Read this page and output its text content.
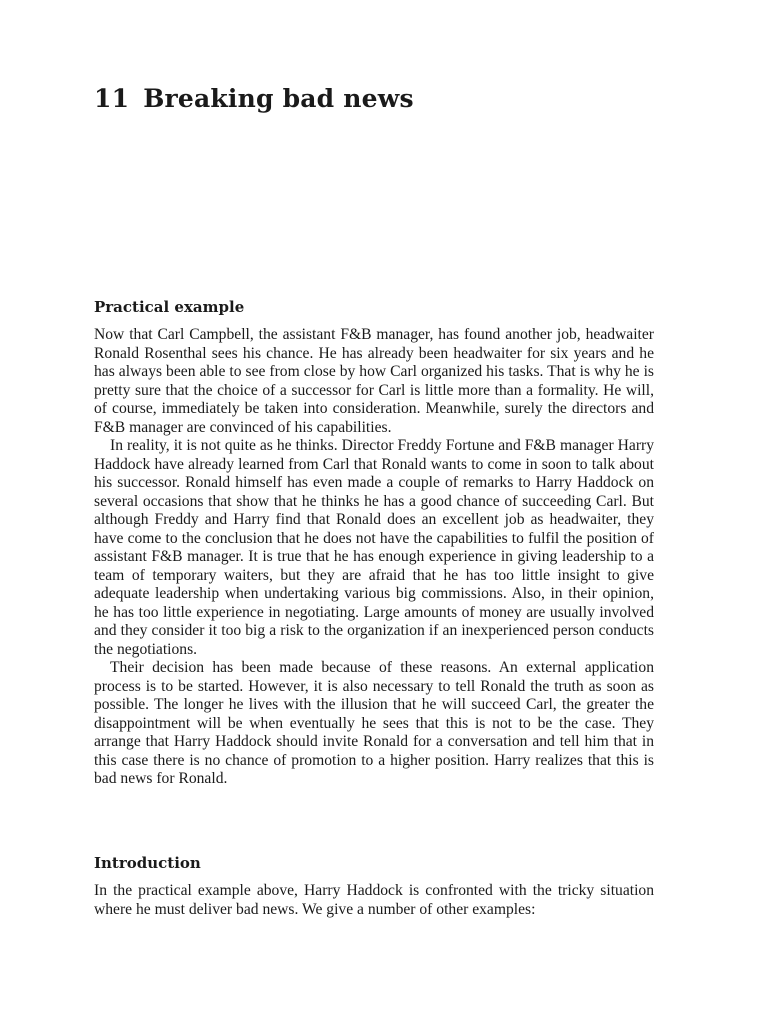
11 Breaking bad news
Practical example

Now that Carl Campbell, the assistant F&B manager, has found another job, headwaiter Ronald Rosenthal sees his chance. He has already been headwaiter for six years and he has always been able to see from close by how Carl organized his tasks. That is why he is pretty sure that the choice of a successor for Carl is little more than a formality. He will, of course, immediately be taken into consideration. Meanwhile, surely the directors and F&B manager are convinced of his capabilities.

In reality, it is not quite as he thinks. Director Freddy Fortune and F&B manager Harry Haddock have already learned from Carl that Ronald wants to come in soon to talk about his successor. Ronald himself has even made a couple of remarks to Harry Haddock on several occasions that show that he thinks he has a good chance of succeeding Carl. But although Freddy and Harry find that Ronald does an excellent job as headwaiter, they have come to the conclusion that he does not have the capabilities to fulfil the position of assistant F&B manager. It is true that he has enough experience in giving leadership to a team of temporary waiters, but they are afraid that he has too little insight to give adequate leadership when undertaking various big commissions. Also, in their opinion, he has too little experience in negotiating. Large amounts of money are usually involved and they consider it too big a risk to the organization if an inexperienced person conducts the negotiations.

Their decision has been made because of these reasons. An external application process is to be started. However, it is also necessary to tell Ronald the truth as soon as possible. The longer he lives with the illusion that he will succeed Carl, the greater the disappointment will be when eventually he sees that this is not to be the case. They arrange that Harry Haddock should invite Ronald for a conversation and tell him that in this case there is no chance of promotion to a higher position. Harry realizes that this is bad news for Ronald.

Introduction

In the practical example above, Harry Haddock is confronted with the tricky situation where he must deliver bad news. We give a number of other examples:
